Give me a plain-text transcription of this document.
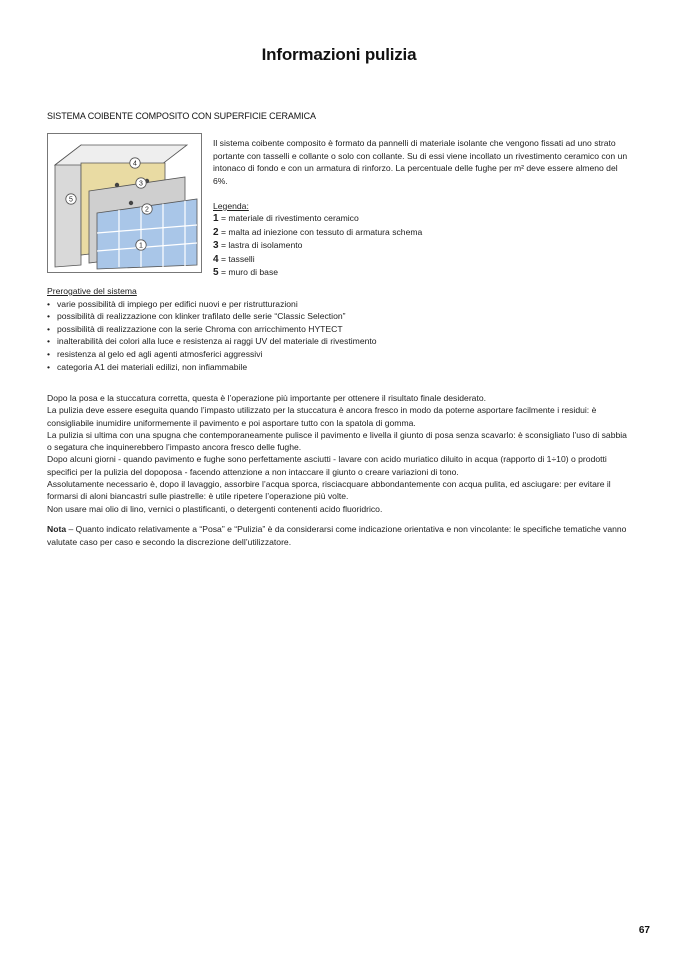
Informazioni pulizia
SISTEMA COIBENTE COMPOSITO CON SUPERFICIE CERAMICA
5
4
3
2
1

Il sistema coibente composito è formato da pannelli di materiale isolante che vengono fissati ad uno strato portante con tasselli e collante o solo con collante. Su di essi viene incollato un rivestimento ceramico con un intonaco di fondo e con un armatura di rinforzo. La percentuale delle fughe per m² deve essere almeno del 6%.

Legenda:
1 = materiale di rivestimento ceramico
2 = malta ad iniezione con tessuto di armatura schema
3 = lastra di isolamento
4 = tasselli
5 = muro di base
Prerogative del sistema
• varie possibilità di impiego per edifici nuovi e per ristrutturazioni
• possibilità di realizzazione con klinker trafilato delle serie “Classic Selection”
• possibilità di realizzazione con la serie Chroma con arricchimento HYTECT
• inalterabilità dei colori alla luce e resistenza ai raggi UV del materiale di rivestimento
• resistenza al gelo ed agli agenti atmosferici aggressivi
• categoria A1 dei materiali edilizi, non infiammabile

Dopo la posa e la stuccatura corretta, questa è l’operazione più importante per ottenere il risultato finale desiderato.

La pulizia deve essere eseguita quando l’impasto utilizzato per la stuccatura è ancora fresco in modo da poterne asportare facilmente i residui: è consigliabile inumidire uniformemente il pavimento e poi asportare tutto con la spatola di gomma.

La pulizia si ultima con una spugna che contemporaneamente pulisce il pavimento e livella il giunto di posa senza scavarlo: è sconsigliato l’uso di sabbia o segatura che inquinerebbero l’impasto ancora fresco delle fughe.

Dopo alcuni giorni - quando pavimento e fughe sono perfettamente asciutti - lavare con acido muriatico diluito in acqua (rapporto di 1÷10) o prodotti specifici per la pulizia del dopoposa - facendo attenzione a non intaccare il giunto o creare variazioni di tono.

Assolutamente necessario è, dopo il lavaggio, assorbire l’acqua sporca, risciacquare abbondantemente con acqua pulita, ed asciugare: per evitare il formarsi di aloni biancastri sulle piastrelle: è utile ripetere l’operazione più volte.

Non usare mai olio di lino, vernici o plastificanti, o detergenti contenenti acido fluoridrico.

Nota – Quanto indicato relativamente a “Posa” e “Pulizia” è da considerarsi come indicazione orientativa e non vincolante: le specifiche tematiche vanno valutate caso per caso e secondo la discrezione dell’utilizzatore.

67
